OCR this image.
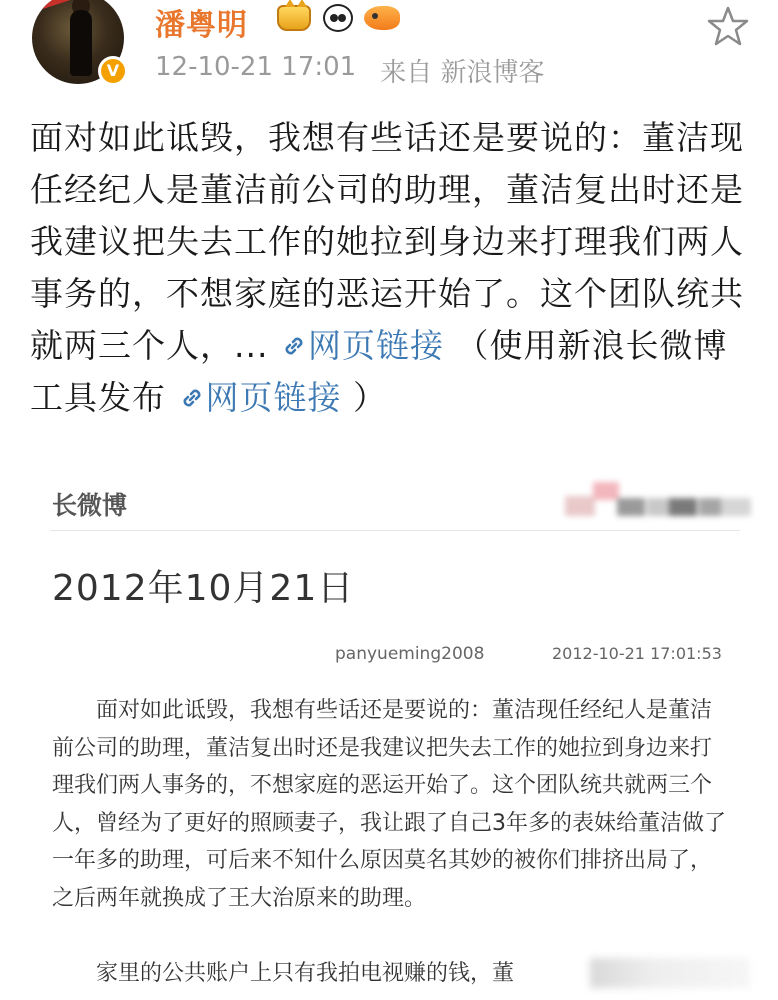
V
潘粤明
12-10-21 17:01 来自 新浪博客
面对如此诋毁，我想有些话还是要说的：董洁现任经纪人是董洁前公司的助理，董洁复出时还是我建议把失去工作的她拉到身边来打理我们两人事务的，不想家庭的恶运开始了。这个团队统共就两三个人，... 网页链接 （使用新浪长微博工具发布 网页链接 ）
长微博
2012年10月21日
panyueming2008	2012-10-21 17:01:53

面对如此诋毁，我想有些话还是要说的：董洁现任经纪人是董洁前公司的助理，董洁复出时还是我建议把失去工作的她拉到身边来打理我们两人事务的，不想家庭的恶运开始了。这个团队统共就两三个人，曾经为了更好的照顾妻子，我让跟了自己3年多的表妹给董洁做了一年多的助理，可后来不知什么原因莫名其妙的被你们排挤出局了，之后两年就换成了王大治原来的助理。

家里的公共账户上只有我拍电视赚的钱，董
